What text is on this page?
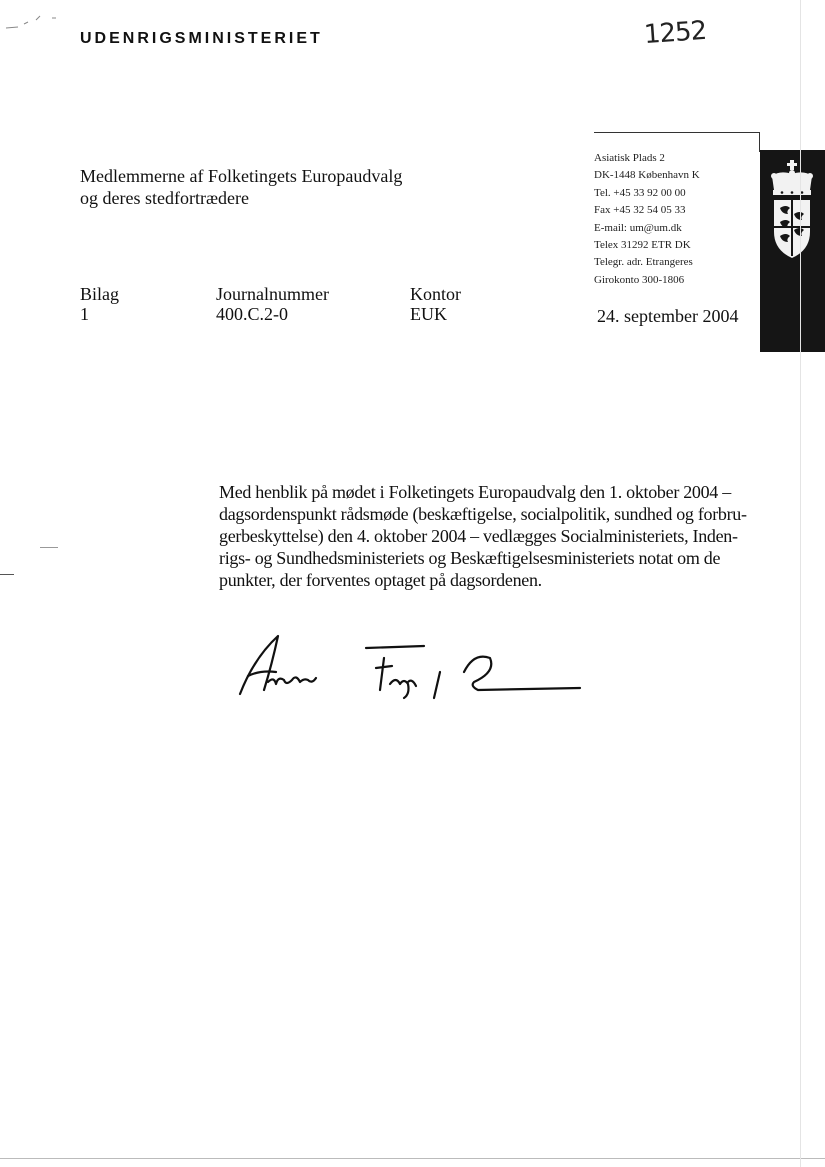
UDENRIGSMINISTERIET	1252
Medlemmerne af Folketingets Europaudvalg
og deres stedfortrædere
Asiatisk Plads 2
DK-1448 København K
Tel. +45 33 92 00 00
Fax +45 32 54 05 33
E-mail: um@um.dk
Telex 31292 ETR DK
Telegr. adr. Etrangeres
Girokonto 300-1806
Bilag
1
Journalnummer
400.C.2-0
Kontor
EUK	24. september 2004
Med henblik på mødet i Folketingets Europaudvalg den 1. oktober 2004 –
dagsordenspunkt rådsmøde (beskæftigelse, socialpolitik, sundhed og forbru-
gerbeskyttelse) den 4. oktober 2004 – vedlægges Socialministeriets, Inden-
rigs- og Sundhedsministeriets og Beskæftigelsesministeriets notat om de
punkter, der forventes optaget på dagsordenen.
